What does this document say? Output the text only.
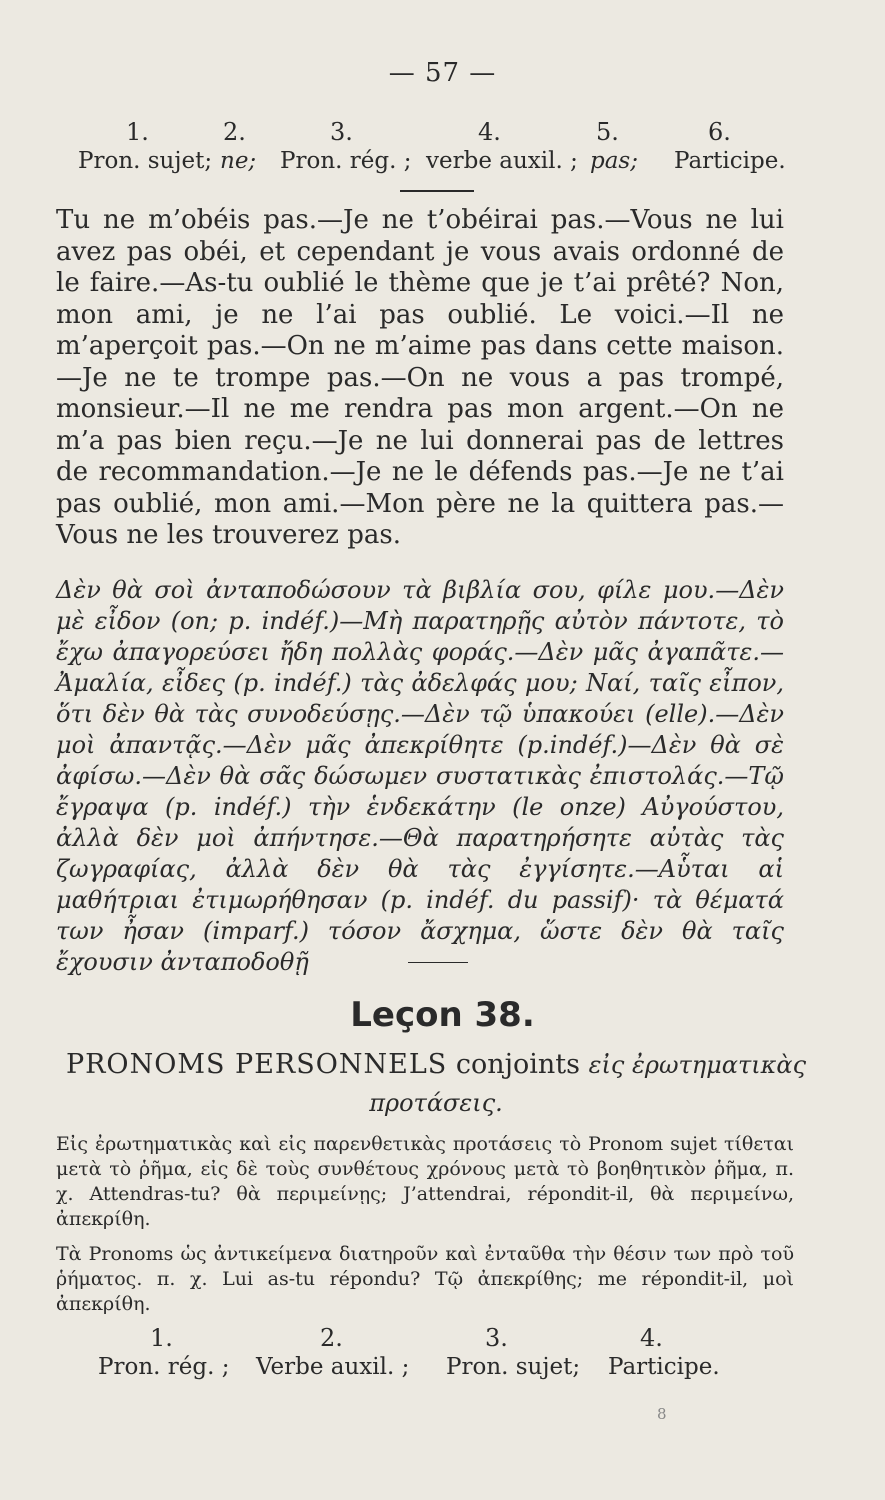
— 57 —
1.	2.	3.	4.	5.	6.
Pron. sujet; ne; Pron. rég. ; verbe auxil. ; pas; Participe.
Tu ne m’obéis pas.—Je ne t’obéirai pas.—Vous ne lui avez pas obéi, et cependant je vous avais ordonné de le faire.—As-tu oublié le thème que je t’ai prêté? Non, mon ami, je ne l’ai pas oublié. Le voici.—Il ne m’aperçoit pas.—On ne m’aime pas dans cette maison. —Je ne te trompe pas.—On ne vous a pas trompé, monsieur.—Il ne me rendra pas mon argent.—On ne m’a pas bien reçu.—Je ne lui donnerai pas de lettres de recommandation.—Je ne le défends pas.—Je ne t’ai pas oublié, mon ami.—Mon père ne la quittera pas.— Vous ne les trouverez pas.
Δὲν θὰ σοὶ ἀνταποδώσουν τὰ βιβλία σου, φίλε μου.—Δὲν μὲ εἶδον (on; p. indéf.)—Μὴ παρατηρῇς αὐτὸν πάντοτε, τὸ ἔχω ἀπαγορεύσει ἤδη πολλὰς φοράς.—Δὲν μᾶς ἀγαπᾶτε.— Ἀμαλία, εἶδες (p. indéf.) τὰς ἀδελφάς μου; Ναί, ταῖς εἶπον, ὅτι δὲν θὰ τὰς συνοδεύσῃς.—Δὲν τῷ ὑπακούει (elle).—Δὲν μοὶ ἀπαντᾷς.—Δὲν μᾶς ἀπεκρίθητε (p.indéf.)—Δὲν θὰ σὲ ἀφίσω.—Δὲν θὰ σᾶς δώσωμεν συστατικὰς ἐπιστολάς.—Τῷ ἔγραψα (p. indéf.) τὴν ἑνδεκάτην (le onze) Αὐγούστου, ἀλλὰ δὲν μοὶ ἀπήντησε.—Θὰ παρατηρήσητε αὐτὰς τὰς ζωγραφίας, ἀλλὰ δὲν θὰ τὰς ἐγγίσητε.—Αὗται αἱ μαθήτριαι ἐτιμωρήθησαν (p. indéf. du passif)· τὰ θέματά των ἦσαν (imparf.) τόσον ἄσχημα, ὥστε δὲν θὰ ταῖς ἔχουσιν ἀνταποδοθῇ
Leçon 38.
PRONOMS PERSONNELS conjoints εἰς ἐρωτηματικὰς προτάσεις.
Εἰς ἐρωτηματικὰς καὶ εἰς παρενθετικὰς προτάσεις τὸ Pronom sujet τίθεται μετὰ τὸ ῥῆμα, εἰς δὲ τοὺς συνθέτους χρόνους μετὰ τὸ βοηθητικὸν ῥῆμα, π. χ. Attendras-tu? θὰ περιμείνῃς; J’attendrai, répondit-il, θὰ περιμείνω, ἀπεκρίθη.
Τὰ Pronoms ὡς ἀντικείμενα διατηροῦν καὶ ἐνταῦθα τὴν θέσιν των πρὸ τοῦ ῥήματος. π. χ. Lui as-tu répondu? Τῷ ἀπεκρίθης; me répondit-il, μοὶ ἀπεκρίθη.
1.	2.	3.	4.
Pron. rég. ; Verbe auxil. ; Pron. sujet; Participe.
8
